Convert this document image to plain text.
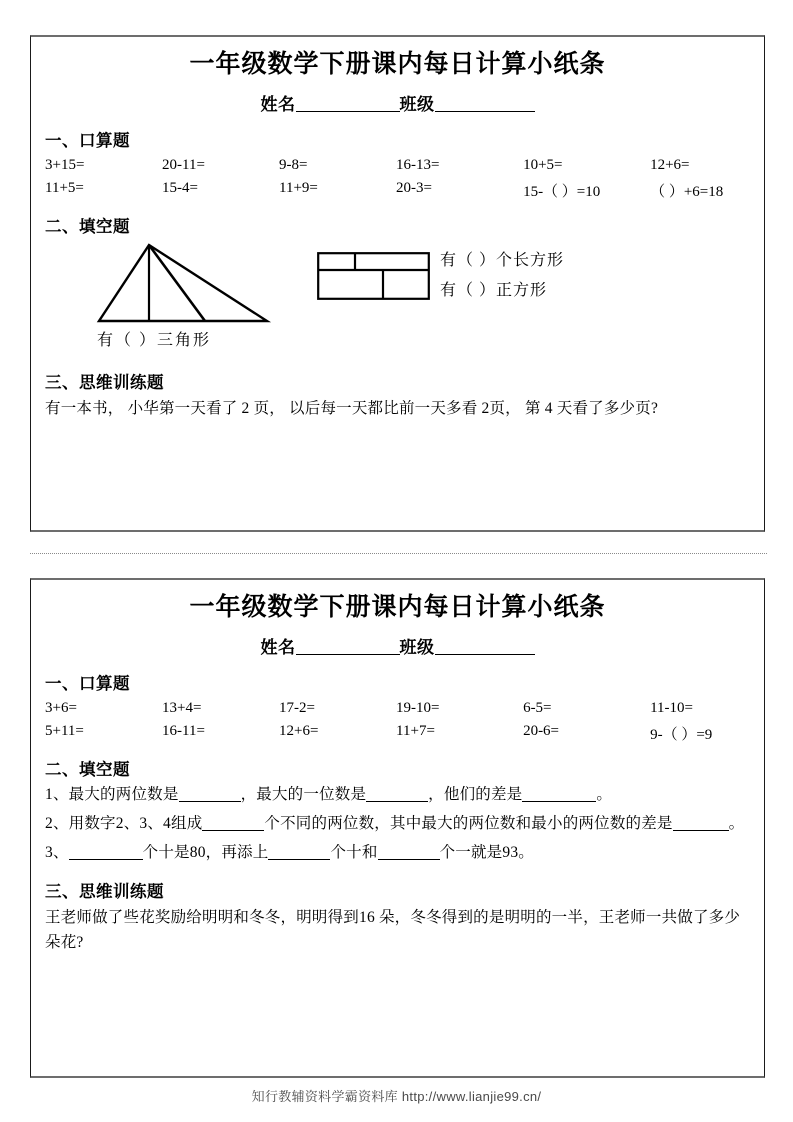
一年级数学下册课内每日计算小纸条
姓名	班级
一、口算题
3+15=	20-11=	9-8=	16-13=	10+5=	12+6=
11+5=	15-4=	11+9=	20-3=	15-（ ）=10	（ ）+6=18
二、填空题
有（ ）三角形
有（ ）个长方形
有（ ）正方形
三、思维训练题
有一本书， 小华第一天看了 2 页， 以后每一天都比前一天多看 2页， 第 4 天看了多少页?
一年级数学下册课内每日计算小纸条
姓名	班级
一、口算题
3+6=	13+4=	17-2=	19-10=	6-5=	11-10=
5+11=	16-11=	12+6=	11+7=	20-6=	9-（ ）=9
二、填空题
1、最大的两位数是	，最大的一位数是	，他们的差是	。
2、用数字2、3、4组成	个不同的两位数，其中最大的两位数和最小的两位数的差是	。
3、	个十是80，再添上	个十和	个一就是93。
三、思维训练题
王老师做了些花奖励给明明和冬冬，明明得到16 朵，冬冬得到的是明明的一半，王老师一共做了多少朵花?
知行教辅资料学霸资料库 http://www.lianjie99.cn/
